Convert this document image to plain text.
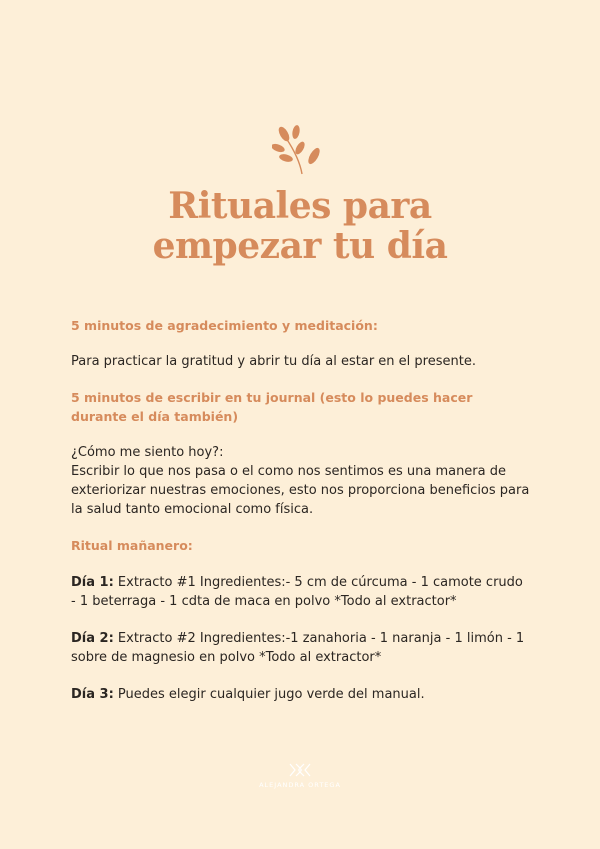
Rituales para
empezar tu día

5 minutos de agradecimiento y meditación:

Para practicar la gratitud y abrir tu día al estar en el presente.

5 minutos de escribir en tu journal (esto lo puedes hacer durante el día también)

¿Cómo me siento hoy?:

Escribir lo que nos pasa o el como nos sentimos es una manera de exteriorizar nuestras emociones, esto nos proporciona beneficios para la salud tanto emocional como física.

Ritual mañanero:

Día 1: Extracto #1 Ingredientes:- 5 cm de cúrcuma - 1 camote crudo - 1 beterraga - 1 cdta de maca en polvo *Todo al extractor*

Día 2: Extracto #2 Ingredientes:-1 zanahoria - 1 naranja - 1 limón - 1 sobre de magnesio en polvo *Todo al extractor*

Día 3: Puedes elegir cualquier jugo verde del manual.

ALEJANDRA ORTEGA
